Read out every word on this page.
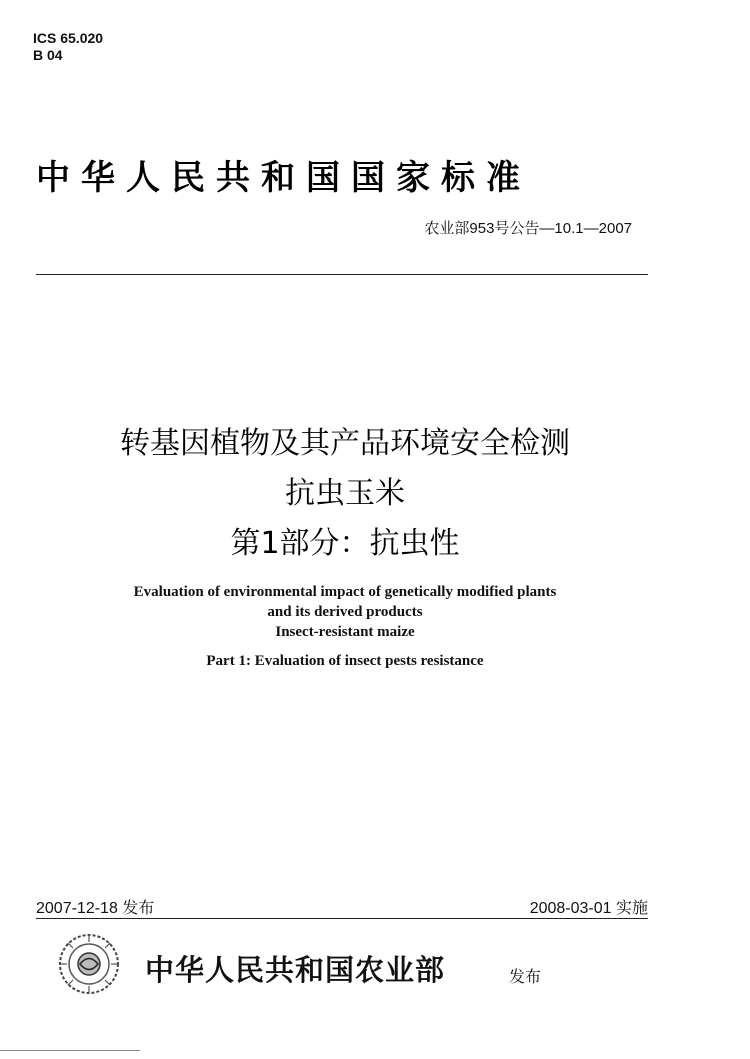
ICS 65.020
B 04
中华人民共和国国家标准
农业部953号公告—10.1—2007
转基因植物及其产品环境安全检测
抗虫玉米
第1部分：抗虫性
Evaluation of environmental impact of genetically modified plants
and its derived products
Insect-resistant maize
Part 1: Evaluation of insect pests resistance
2007-12-18 发布	2008-03-01 实施
中华人民共和国农业部	发布
